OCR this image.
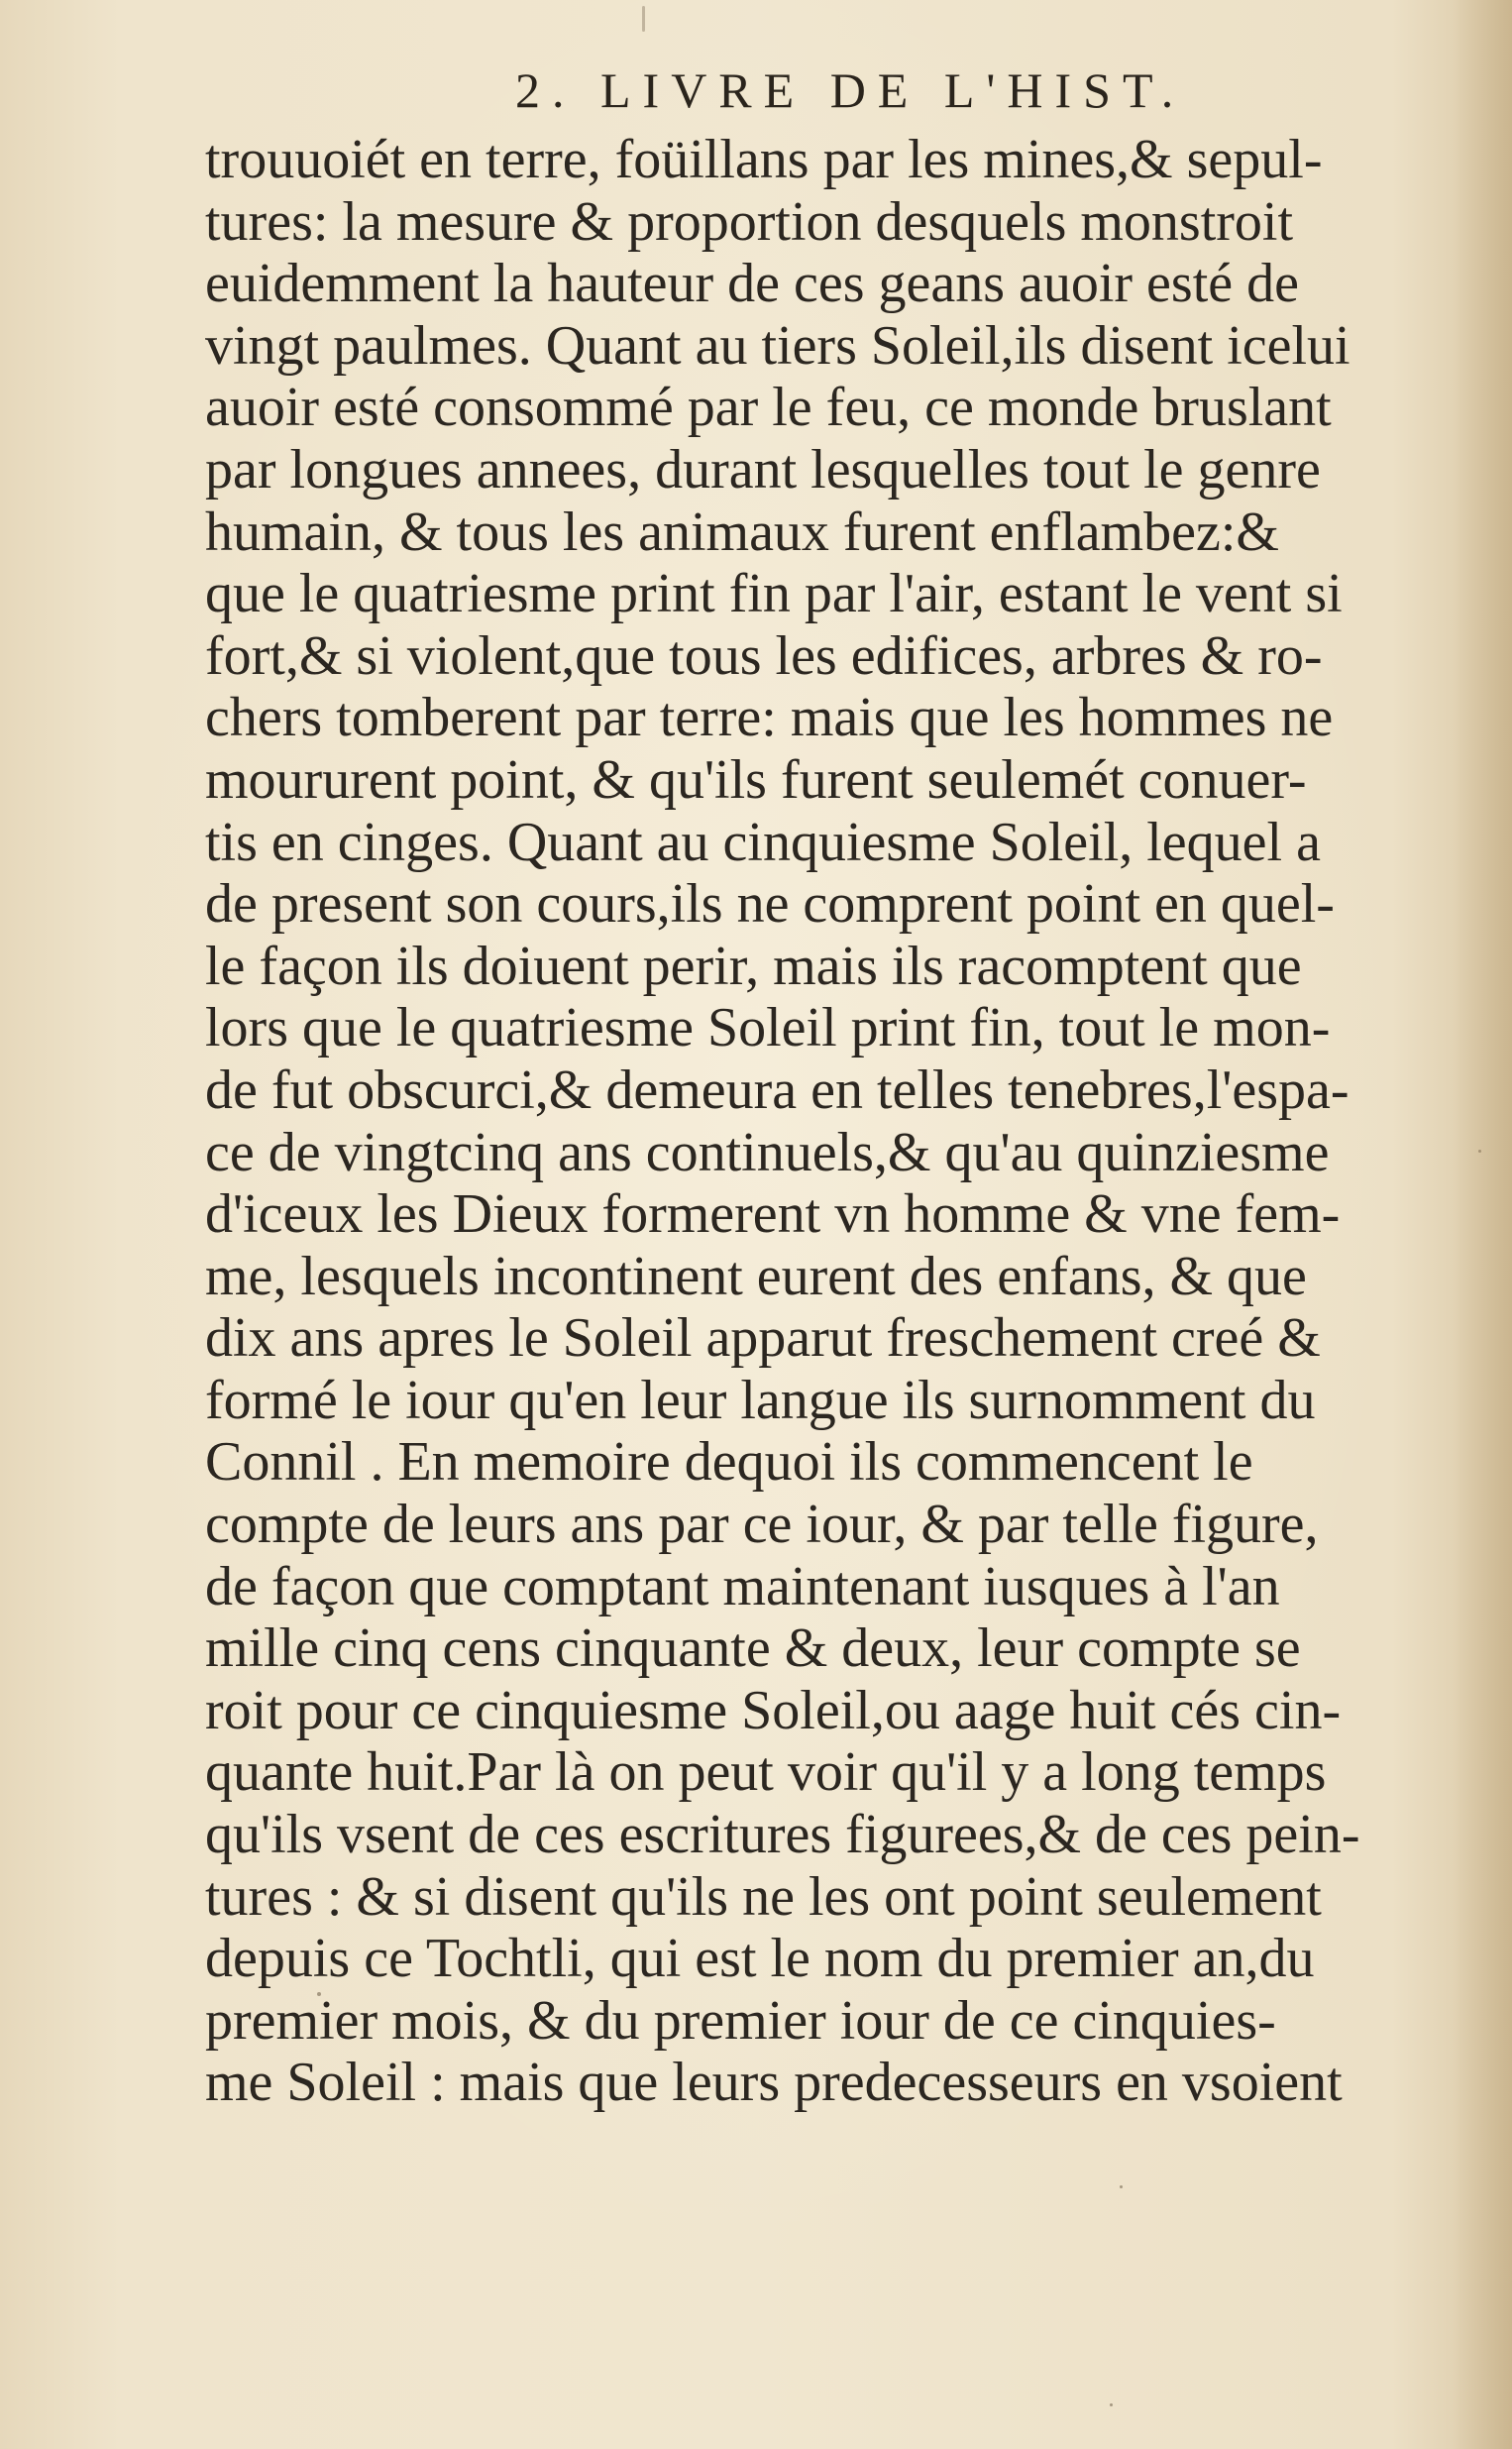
2. LIVRE DE L'HIST.
trouuoiét en terre, foüillans par les mines,& sepul-
tures: la mesure & proportion desquels monstroit
euidemment la hauteur de ces geans auoir esté de
vingt paulmes. Quant au tiers Soleil,ils disent icelui
auoir esté consommé par le feu, ce monde bruslant
par longues annees, durant lesquelles tout le genre
humain, & tous les animaux furent enflambez:&
que le quatriesme print fin par l'air, estant le vent si
fort,& si violent,que tous les edifices, arbres & ro-
chers tomberent par terre: mais que les hommes ne
moururent point, & qu'ils furent seulemét conuer-
tis en cinges. Quant au cinquiesme Soleil, lequel a
de present son cours,ils ne comprent point en quel-
le façon ils doiuent perir, mais ils racomptent que
lors que le quatriesme Soleil print fin, tout le mon-
de fut obscurci,& demeura en telles tenebres,l'espa-
ce de vingtcinq ans continuels,& qu'au quinziesme
d'iceux les Dieux formerent vn homme & vne fem-
me, lesquels incontinent eurent des enfans, & que
dix ans apres le Soleil apparut freschement creé &
formé le iour qu'en leur langue ils surnomment du
Connil . En memoire dequoi ils commencent le
compte de leurs ans par ce iour, & par telle figure,
de façon que comptant maintenant iusques à l'an
mille cinq cens cinquante & deux, leur compte se
roit pour ce cinquiesme Soleil,ou aage huit cés cin-
quante huit.Par là on peut voir qu'il y a long temps
qu'ils vsent de ces escritures figurees,& de ces pein-
tures : & si disent qu'ils ne les ont point seulement
depuis ce Tochtli, qui est le nom du premier an,du
premier mois, & du premier iour de ce cinquies-
me Soleil : mais que leurs predecesseurs en vsoient
